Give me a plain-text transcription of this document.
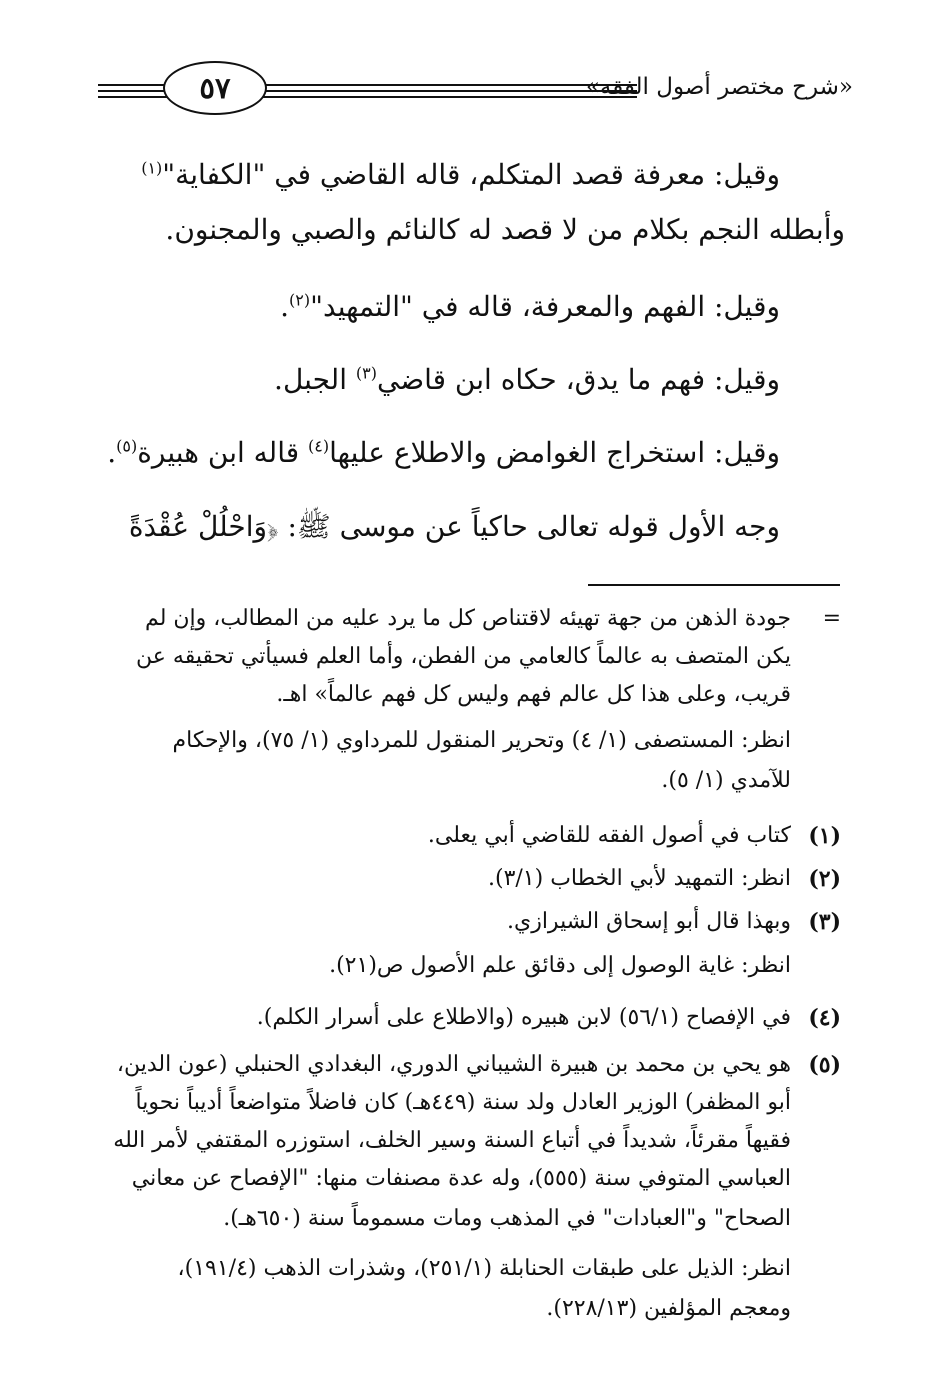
«شرح مختصر أصول الفقه»
٥٧
وقيل: معرفة قصد المتكلم، قاله القاضي في "الكفاية"$^{(١)}$
وأبطله النجم بكلام من لا قصد له كالنائم والصبي والمجنون.
وقيل: الفهم والمعرفة، قاله في "التمهيد"$^{(٢)}$.
وقيل: فهم ما يدق، حكاه ابن قاضي$^{(٣)}$ الجبل.
وقيل: استخراج الغوامض والاطلاع عليها$^{(٤)}$ قاله ابن هبيرة$^{(٥)}$.
وجه الأول قوله تعالى حاكياً عن موسى ﷺ: ﴿وَاحْلُلْ عُقْدَةً
=
جودة الذهن من جهة تهيئه لاقتناص كل ما يرد عليه من المطالب، وإن لم
يكن المتصف به عالماً كالعامي من الفطن، وأما العلم فسيأتي تحقيقه عن
قريب، وعلى هذا كل عالم فهم وليس كل فهم عالماً» اهـ.
انظر: المستصفى (١/ ٤) وتحرير المنقول للمرداوي (١/ ٧٥)، والإحكام
للآمدي (١/ ٥).
(١)
كتاب في أصول الفقه للقاضي أبي يعلى.
(٢)
انظر: التمهيد لأبي الخطاب (٣/١).
(٣)
وبهذا قال أبو إسحاق الشيرازي.
انظر: غاية الوصول إلى دقائق علم الأصول ص(٢١).
(٤)
في الإفصاح (٥٦/١) لابن هبيره (والاطلاع على أسرار الكلم).
(٥)
هو يحي بن محمد بن هبيرة الشيباني الدوري، البغدادي الحنبلي (عون الدين،
أبو المظفر) الوزير العادل ولد سنة (٤٤٩هـ) كان فاضلاً متواضعاً أديباً نحوياً
فقيهاً مقرئاً، شديداً في أتباع السنة وسير الخلف، استوزره المقتفي لأمر الله
العباسي المتوفي سنة (٥٥٥)، وله عدة مصنفات منها: "الإفصاح عن معاني
الصحاح" و"العبادات" في المذهب ومات مسموماً سنة (٦٥٠هـ).
انظر: الذيل على طبقات الحنابلة (٢٥١/١)، وشذرات الذهب (١٩١/٤)،
ومعجم المؤلفين (٢٢٨/١٣).
